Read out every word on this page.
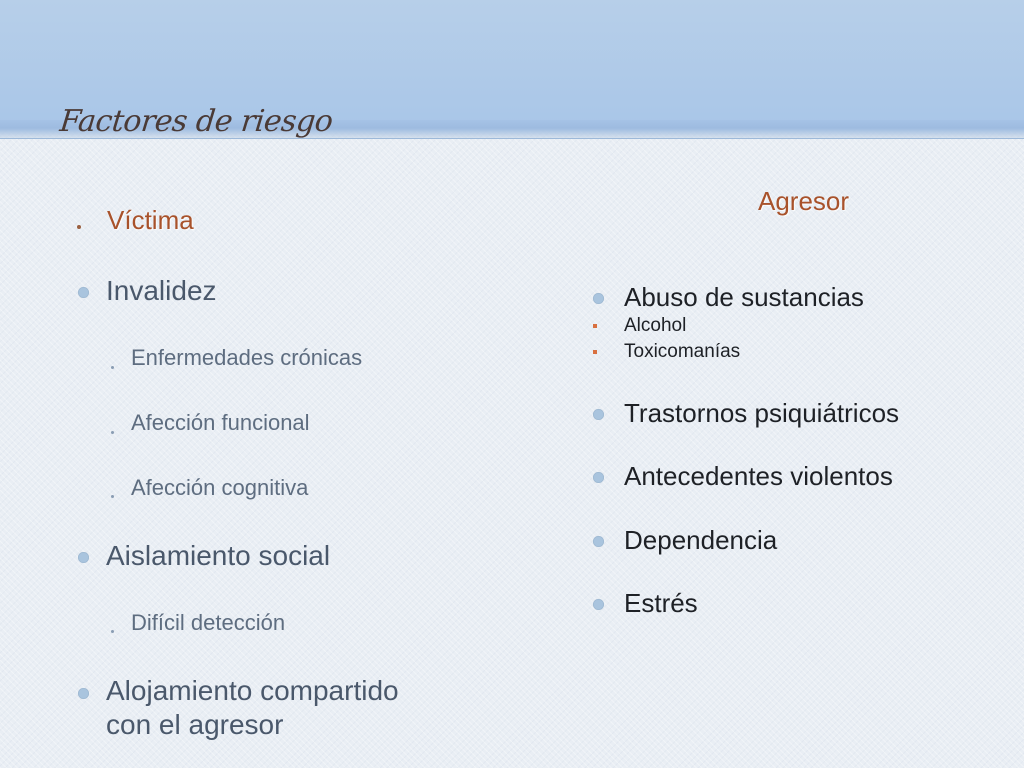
Factores de riesgo
Víctima
Invalidez
Enfermedades crónicas
Afección funcional
Afección cognitiva
Aislamiento social
Difícil detección
Alojamiento compartido
con el agresor
Agresor
Abuso de sustancias
Alcohol
Toxicomanías
Trastornos psiquiátricos
Antecedentes violentos
Dependencia
Estrés
